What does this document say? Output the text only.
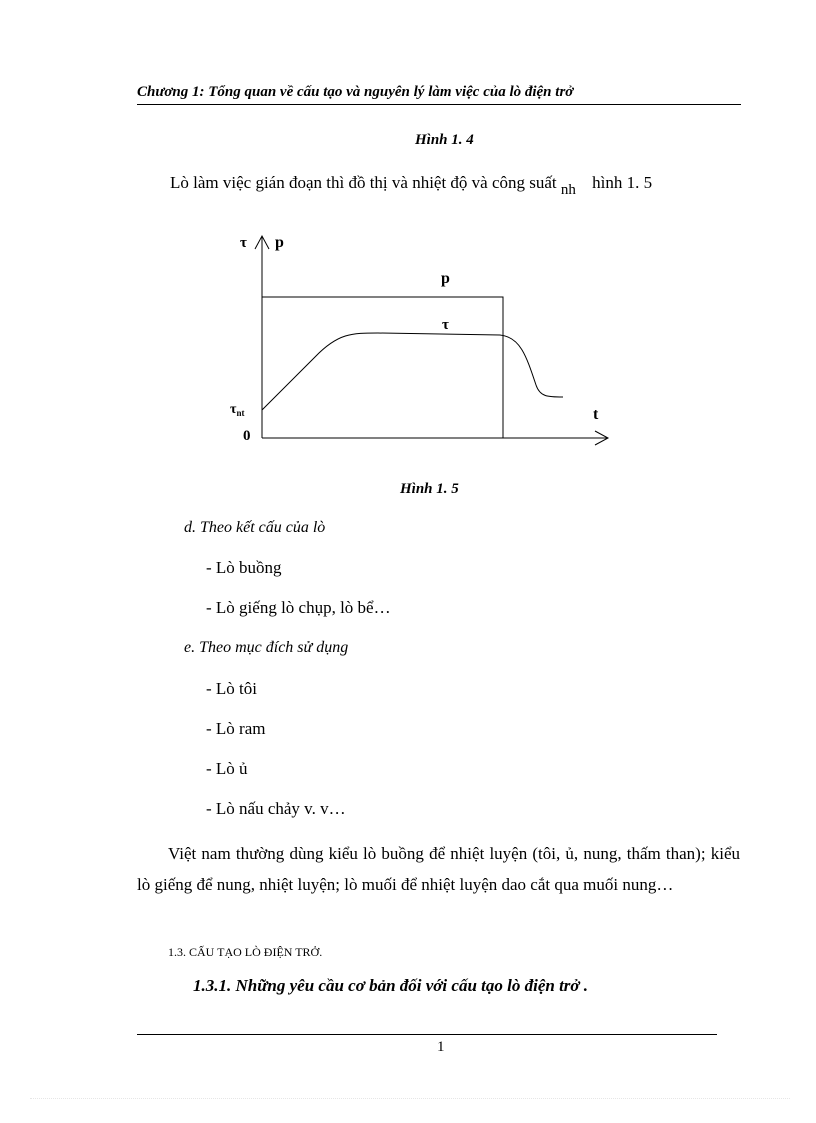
Chương 1: Tổng quan về cấu tạo và nguyên lý làm việc của lò điện trở
Hình 1. 4
Lò làm việc gián đoạn thì đồ thị và nhiệt độ và công suất nh hình 1. 5
τ p
p
τ
$\tau_{nt}$	t
0
Hình 1. 5
d. Theo kết cấu của lò
- Lò buồng
- Lò giếng lò chụp, lò bể…
e. Theo mục đích sử dụng
- Lò tôi
- Lò ram
- Lò ủ
- Lò nấu chảy v. v…
Việt nam thường dùng kiểu lò buồng để nhiệt luyện (tôi, ủ, nung, thấm than); kiểu lò giếng để nung, nhiệt luyện; lò muối để nhiệt luyện dao cắt qua muối nung…
1.3. CẤU TẠO LÒ ĐIỆN TRỞ.
1.3.1. Những yêu cầu cơ bản đối với cấu tạo lò điện trở .
1
